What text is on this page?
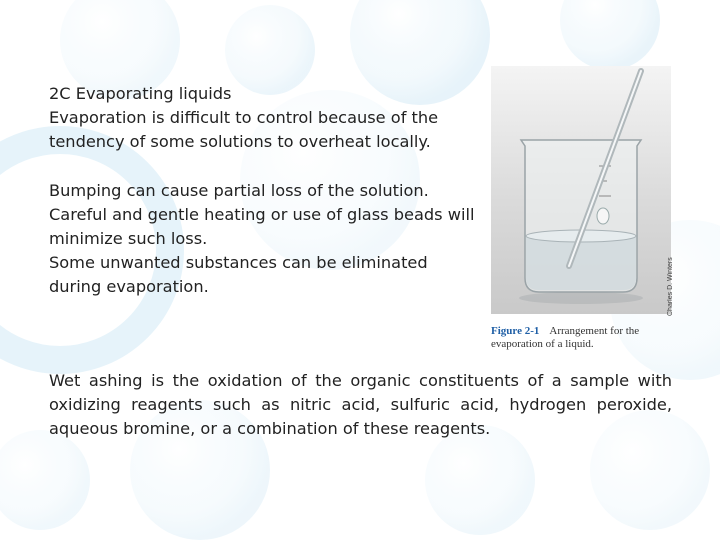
2C Evaporating liquids

Evaporation is difficult to control because of the tendency of some solutions to overheat locally.

Bumping can cause partial loss of the solution. Careful and gentle heating or use of glass beads will minimize such loss.

Some unwanted substances can be eliminated during evaporation.	Charles D. Winters
Figure 2-1 Arrangement for the evaporation of a liquid.

Wet ashing is the oxidation of the organic constituents of a sample with oxidizing reagents such as nitric acid, sulfuric acid, hydrogen peroxide, aqueous bromine, or a combination of these reagents.
